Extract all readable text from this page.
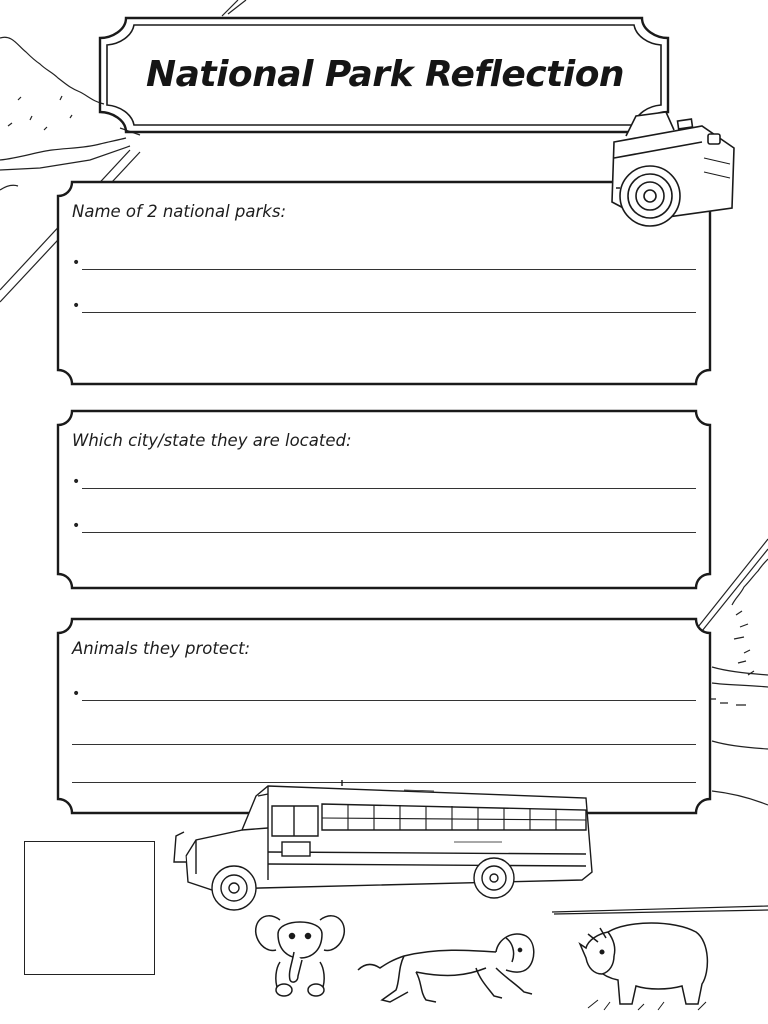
National Park Reflection
Name of 2 national parks:
•
•
Which city/state they are located:
•
•
Animals they protect:
•
